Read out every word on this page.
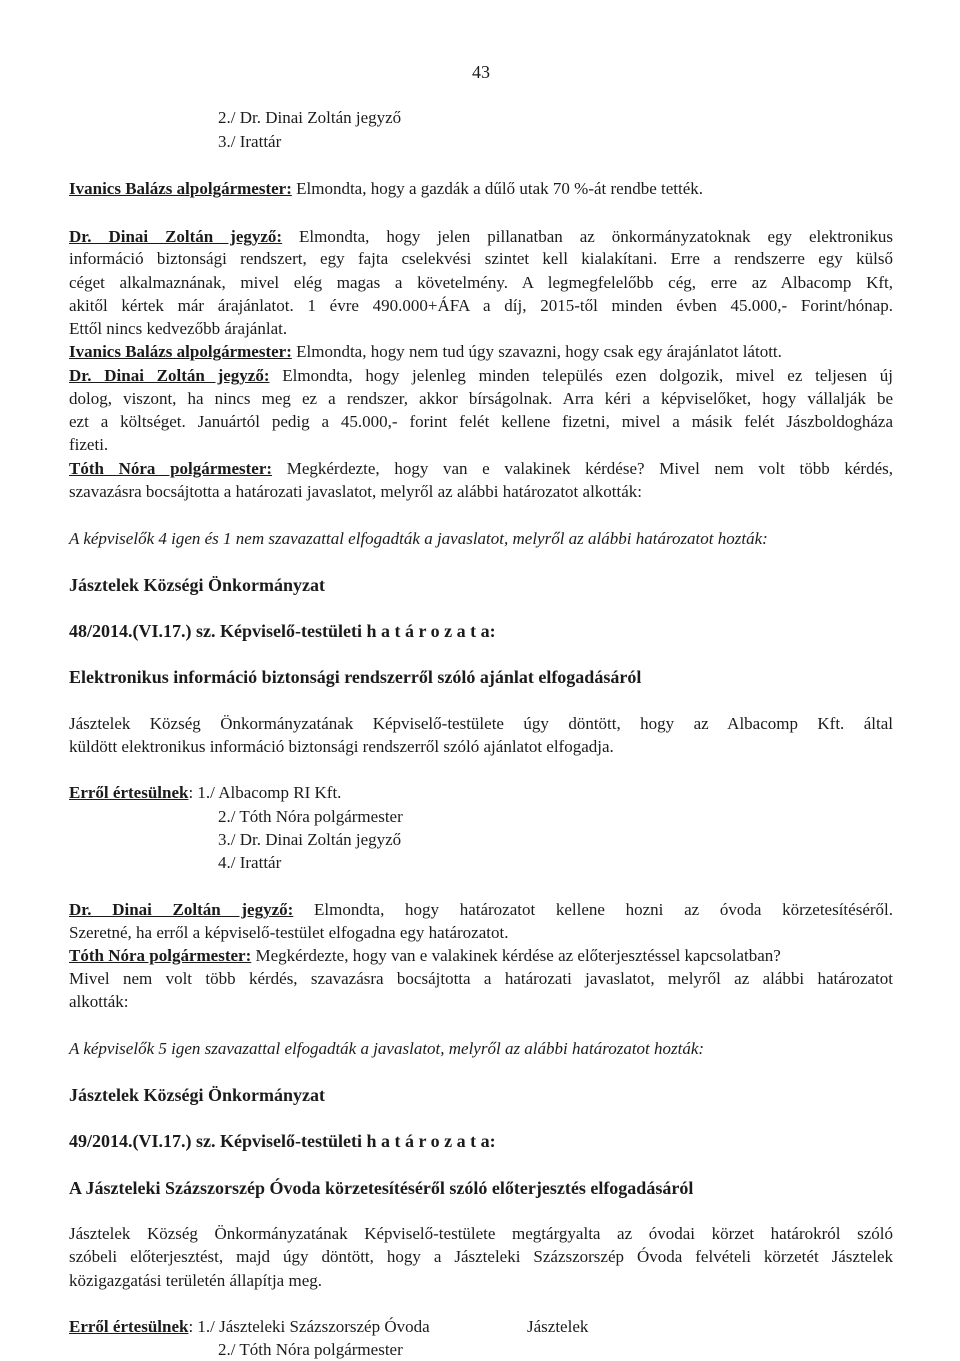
43
2./ Dr. Dinai Zoltán jegyző
3./ Irattár
Ivanics Balázs alpolgármester: Elmondta, hogy a gazdák a dűlő utak 70 %-át rendbe tették.
Dr. Dinai Zoltán jegyző: Elmondta, hogy jelen pillanatban az önkormányzatoknak egy elektronikus
információ biztonsági rendszert, egy fajta cselekvési szintet kell kialakítani. Erre a rendszerre egy külső
céget alkalmaznának, mivel elég magas a követelmény. A legmegfelelőbb cég, erre az Albacomp Kft,
akitől kértek már árajánlatot. 1 évre 490.000+ÁFA a díj, 2015-től minden évben 45.000,- Forint/hónap.
Ettől nincs kedvezőbb árajánlat.
Ivanics Balázs alpolgármester: Elmondta, hogy nem tud úgy szavazni, hogy csak egy árajánlatot látott.
Dr. Dinai Zoltán jegyző: Elmondta, hogy jelenleg minden település ezen dolgozik, mivel ez teljesen új
dolog, viszont, ha nincs meg ez a rendszer, akkor bírságolnak. Arra kéri a képviselőket, hogy vállalják be
ezt a költséget. Januártól pedig a 45.000,- forint felét kellene fizetni, mivel a másik felét Jászboldogháza
fizeti.
Tóth Nóra polgármester: Megkérdezte, hogy van e valakinek kérdése? Mivel nem volt több kérdés,
szavazásra bocsájtotta a határozati javaslatot, melyről az alábbi határozatot alkották:
A képviselők 4 igen és 1 nem szavazattal elfogadták a javaslatot, melyről az alábbi határozatot hozták:
Jásztelek Községi Önkormányzat
48/2014.(VI.17.) sz. Képviselő-testületi h a t á r o z a t a:
Elektronikus információ biztonsági rendszerről szóló ajánlat elfogadásáról
Jásztelek Község Önkormányzatának Képviselő-testülete úgy döntött, hogy az Albacomp Kft. által
küldött elektronikus információ biztonsági rendszerről szóló ajánlatot elfogadja.
Erről értesülnek: 1./ Albacomp RI Kft.
2./ Tóth Nóra polgármester
3./ Dr. Dinai Zoltán jegyző
4./ Irattár
Dr. Dinai Zoltán jegyző: Elmondta, hogy határozatot kellene hozni az óvoda körzetesítéséről.
Szeretné, ha erről a képviselő-testület elfogadna egy határozatot.
Tóth Nóra polgármester: Megkérdezte, hogy van e valakinek kérdése az előterjesztéssel kapcsolatban?
Mivel nem volt több kérdés, szavazásra bocsájtotta a határozati javaslatot, melyről az alábbi határozatot
alkották:
A képviselők 5 igen szavazattal elfogadták a javaslatot, melyről az alábbi határozatot hozták:
Jásztelek Községi Önkormányzat
49/2014.(VI.17.) sz. Képviselő-testületi h a t á r o z a t a:
A Jászteleki Százszorszép Óvoda körzetesítéséről szóló előterjesztés elfogadásáról
Jásztelek Község Önkormányzatának Képviselő-testülete megtárgyalta az óvodai körzet határokról szóló
szóbeli előterjesztést, majd úgy döntött, hogy a Jászteleki Százszorszép Óvoda felvételi körzetét Jásztelek
közigazgatási területén állapítja meg.
Erről értesülnek: 1./ Jászteleki Százszorszép Óvoda	Jásztelek
2./ Tóth Nóra polgármester
